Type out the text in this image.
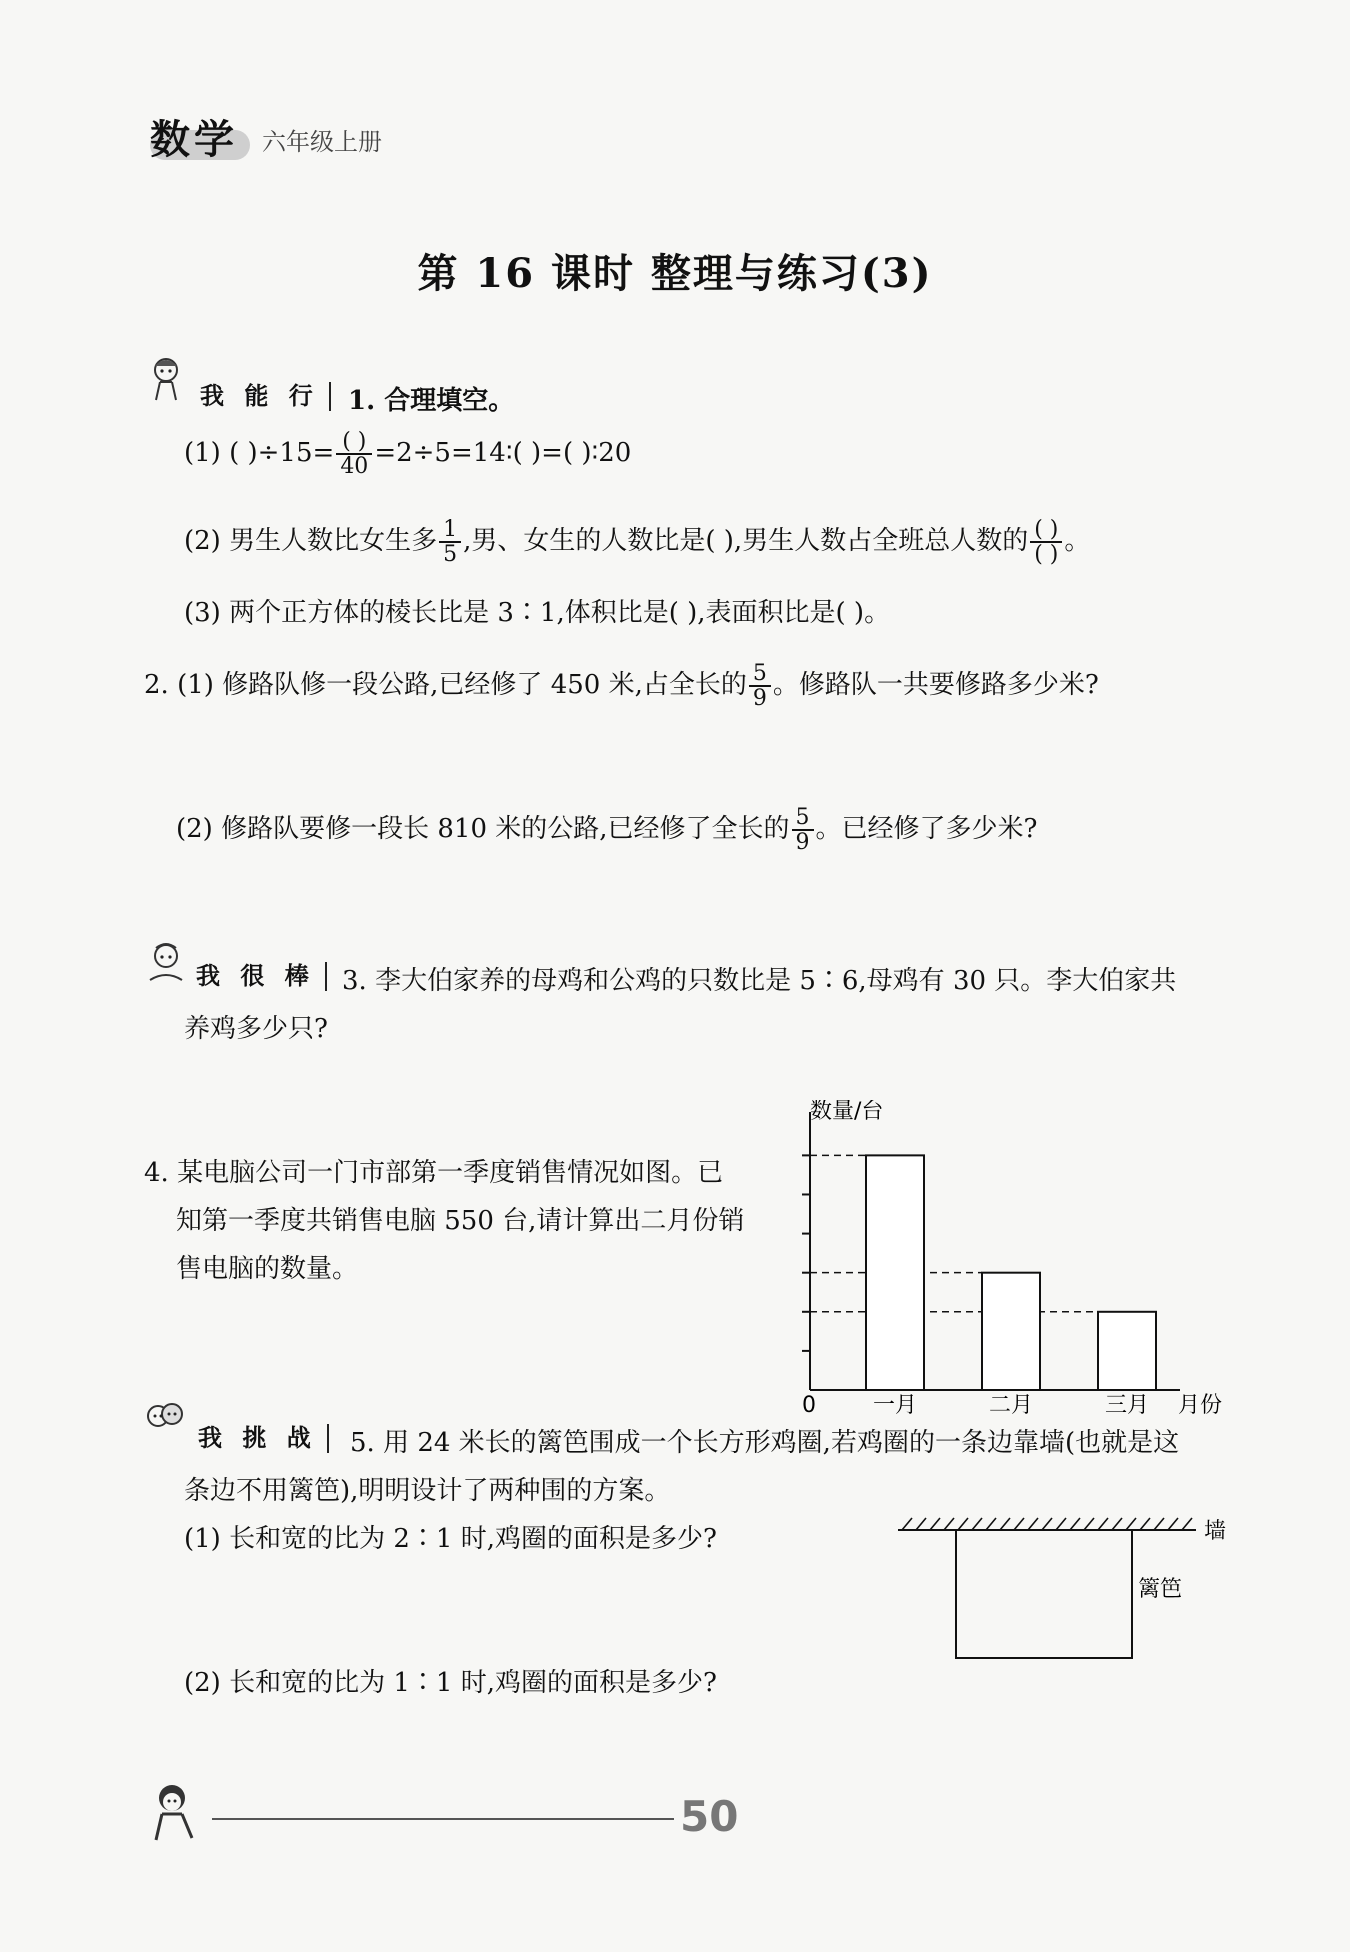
数学 六年级上册
第 16 课时 整理与练习(3)
我 能 行	1. 合理填空。
(1) ( )$\div 15= \frac{( )}{40}$ =2÷5=14∶( )=( )∶20
(2) 男生人数比女生多 $\frac{1}{5}$ ,男、女生的人数比是( ),男生人数占全班总人数的 $\frac{( )}{( )}$ 。
(3) 两个正方体的棱长比是 3∶1,体积比是( ),表面积比是( )。
2. (1) 修路队修一段公路,已经修了 450 米,占全长的 $\frac{5}{9}$ 。修路队一共要修路多少米?
(2) 修路队要修一段长 810 米的公路,已经修了全长的 $\frac{5}{9}$ 。已经修了多少米?
我 很 棒	3. 李大伯家养的母鸡和公鸡的只数比是 5∶6,母鸡有 30 只。李大伯家共
养鸡多少只?
4. 某电脑公司一门市部第一季度销售情况如图。已
知第一季度共销售电脑 550 台,请计算出二月份销
售电脑的数量。
数量/台
月份
0	一月	二月	三月
我 挑 战	5. 用 24 米长的篱笆围成一个长方形鸡圈,若鸡圈的一条边靠墙(也就是这
条边不用篱笆),明明设计了两种围的方案。
(1) 长和宽的比为 2∶1 时,鸡圈的面积是多少?
(2) 长和宽的比为 1∶1 时,鸡圈的面积是多少?
墙
篱笆
50
